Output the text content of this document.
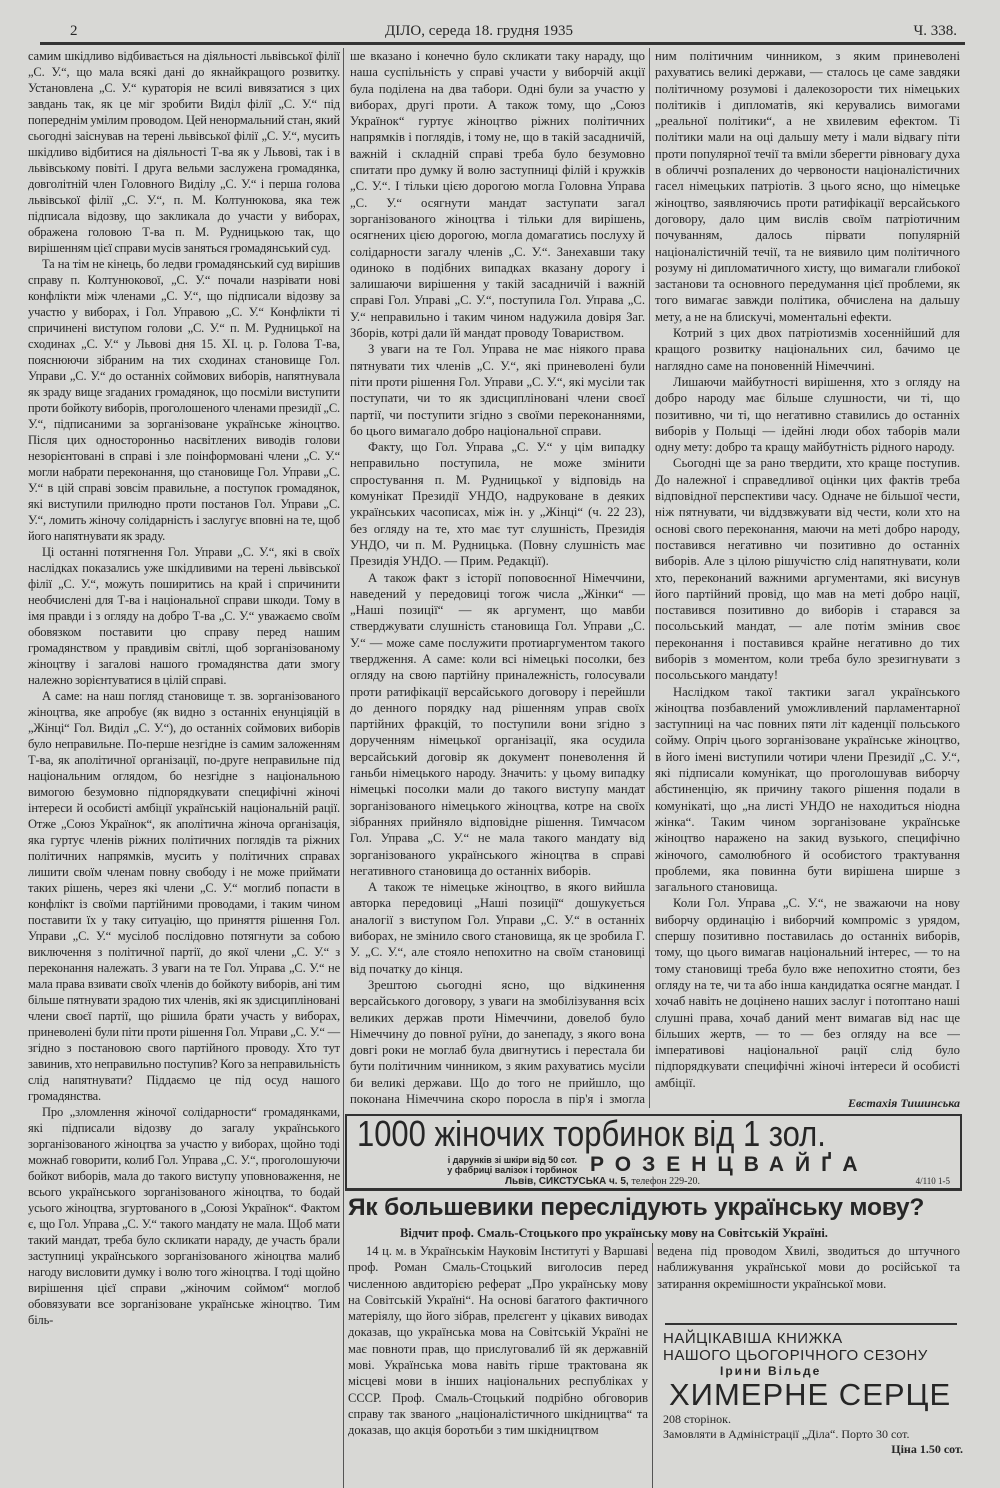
2	ДІЛО, середа 18. грудня 1935	Ч. 338.

самим шкідливо відбивається на діяльності львівської філії „С. У.“, що мала всякі дані до якнайкращого розвитку. Установлена „С. У.“ кураторія не всилі вивязатися з цих завдань так, як це міг зробити Виділ філії „С. У.“ під попереднім умілим проводом. Цей ненормальний стан, який сьогодні заіснував на терені львівської філії „С. У.“, мусить шкідливо відбитися на діяльності Т-ва як у Львові, так і в львівському повіті. І друга вельми заслужена громадянка, довголітній член Головного Виділу „С. У.“ і перша голова львівської філії „С. У.“, п. М. Колтунюкова, яка теж підписала відозву, що закликала до участи у виборах, ображена головою Т-ва п. М. Рудницькою так, що вирішенням цієї справи мусів заняться громадянський суд.

Та на тім не кінець, бо ледви громадянський суд вирішив справу п. Колтунюкової, „С. У.“ почали назрівати нові конфлікти між членами „С. У.“, що підписали відозву за участю у виборах, і Гол. Управою „С. У.“ Конфлікти ті спричинені виступом голови „С. У.“ п. М. Рудницької на сходинах „С. У.“ у Львові дня 15. XI. ц. р. Голова Т-ва, пояснюючи зібраним на тих сходинах становище Гол. Управи „С. У.“ до останніх соймових виборів, напятнувала як зраду вище згаданих громадянок, що посміли виступити проти бойкоту виборів, проголошеного членами президії „С. У.“, підписаними за зорганізоване українське жіноцтво. Після цих односторонньо насвітлених виводів голови незорієнтовані в справі і зле поінформовані члени „С. У.“ могли набрати переконання, що становище Гол. Управи „С. У.“ в цій справі зовсім правильне, а поступок громадянок, які виступили прилюдно проти постанов Гол. Управи „С. У.“, ломить жіночу солідарність і заслугує вповні на те, щоб його напятнувати як зраду.

Ці останні потягнення Гол. Управи „С. У.“, які в своїх наслідках показались уже шкідливими на терені львівської філії „С. У.“, можуть поширитись на край і спричинити необчислені для Т-ва і національної справи шкоди. Тому в імя правди і з огляду на добро Т-ва „С. У.“ уважаємо своїм обовязком поставити цю справу перед нашим громадянством у правдивім світлі, щоб зорганізованому жіноцтву і загалові нашого громадянства дати змогу належно зорієнтуватися в цілій справі.

А саме: на наш погляд становище т. зв. зорганізованого жіноцтва, яке апробує (як видно з останніх енунціяцій в „Жінці“ Гол. Виділ „С. У.“), до останніх соймових виборів було неправильне. По-перше незгідне із самим заложенням Т-ва, як аполітичної організації, по-друге неправильне під національним оглядом, бо незгідне з національною вимогою безумовно підпорядкувати специфічні жіночі інтереси й особисті амбіції українській національній рації. Отже „Союз Українок“, як аполітична жіноча організація, яка гуртує членів ріжних політичних поглядів та ріжних політичних напрямків, мусить у політичних справах лишити своїм членам повну свободу і не може приймати таких рішень, через які члени „С. У.“ моглиб попасти в конфлікт із своїми партійними проводами, і таким чином поставити їх у таку ситуацію, що приняття рішення Гол. Управи „С. У.“ мусілоб послідовно потягнути за собою виключення з політичної партії, до якої члени „С. У.“ з переконання належать. З уваги на те Гол. Управа „С. У.“ не мала права взивати своїх членів до бойкоту виборів, ані тим більше пятнувати зрадою тих членів, які як здисципліновані члени своєї партії, що рішила брати участь у виборах, приневолені були піти проти рішення Гол. Управи „С. У.“ — згідно з постановою свого партійного проводу. Хто тут завинив, хто неправильно поступив? Кого за неправильність слід напятнувати? Піддаємо це під осуд нашого громадянства.

Про „зломлення жіночої солідарности“ громадянками, які підписали відозву до загалу українського зорганізованого жіноцтва за участю у виборах, щойно тоді можнаб говорити, колиб Гол. Управа „С. У.“, проголошуючи бойкот виборів, мала до такого виступу уповноваження, не всього українського зорганізованого жіноцтва, то бодай усього жіноцтва, згуртованого в „Союзі Українок“. Фактом є, що Гол. Управа „С. У.“ такого мандату не мала. Щоб мати такий мандат, треба було скликати нараду, де участь брали заступниці українського зорганізованого жіноцтва малиб нагоду висловити думку і волю того жіноцтва. І тоді щойно вирішення цієї справи „жіночим соймом“ моглоб обовязувати все зорганізоване українське жіноцтво. Тим біль-

ше вказано і конечно було скликати таку нараду, що наша суспільність у справі участи у виборчій акції була поділена на два табори. Одні були за участю у виборах, другі проти. А також тому, що „Союз Українок“ гуртує жіноцтво ріжних політичних напрямків і поглядів, і тому не, що в такій засадничій, важній і складній справі треба було безумовно спитати про думку й волю заступниці філій і кружків „С. У.“. І тільки цією дорогою могла Головна Управа „С. У.“ осягнути мандат заступати загал зорганізованого жіноцтва і тільки для вирішень, осягнених цією дорогою, могла домагатись послуху й солідарности загалу членів „С. У.“. Занехавши таку одиноко в подібних випадках вказану дорогу і залишаючи вирішення у такій засадничій і важній справі Гол. Управі „С. У.“, поступила Гол. Управа „С. У.“ неправильно і таким чином надужила довіря Заг. Зборів, котрі дали їй мандат проводу Товариством.

З уваги на те Гол. Управа не має ніякого права пятнувати тих членів „С. У.“, які приневолені були піти проти рішення Гол. Управи „С. У.“, які мусіли так поступати, чи то як здисципліновані члени своєї партії, чи поступити згідно з своїми переконаннями, бо цього вимагало добро національної справи.

Факту, що Гол. Управа „С. У.“ у цім випадку неправильно поступила, не може змінити спростування п. М. Рудницької у відповідь на комунікат Президії УНДО, надруковане в деяких українських часописах, між ін. у „Жінці“ (ч. 22 23), без огляду на те, хто має тут слушність, Президія УНДО, чи п. М. Рудницька. (Повну слушність має Президія УНДО. — Прим. Редакції).

А також факт з історії поповоєнної Німеччини, наведений у передовиці тогож числа „Жінки“ — „Наші позиції“ — як аргумент, що мавби стверджувати слушність становища Гол. Управи „С. У.“ — може саме послужити протиаргументом такого твердження. А саме: коли всі німецькі посолки, без огляду на свою партійну приналежність, голосували проти ратифікації версайського договору і перейшли до денного порядку над рішенням управ своїх партійних фракцій, то поступили вони згідно з дорученням німецької організації, яка осудила версайський договір як документ поневолення й ганьби німецького народу. Значить: у цьому випадку німецькі посолки мали до такого виступу мандат зорганізованого німецького жіноцтва, котре на своїх зібраннях прийняло відповідне рішення. Тимчасом Гол. Управа „С. У.“ не мала такого мандату від зорганізованого українського жіноцтва в справі негативного становища до останніх виборів.

А також те німецьке жіноцтво, в якого вийшла авторка передовиці „Наші позиції“ дошукується аналогії з виступом Гол. Управи „С. У.“ в останніх виборах, не змінило свого становища, як це зробила Г. У. „С. У.“, але стояло непохитно на своїм становищі від початку до кінця.

Зрештою сьогодні ясно, що відкинення версайського договору, з уваги на змобілізування всіх великих держав проти Німеччини, довелоб було Німеччину до повної руїни, до занепаду, з якого вона довгі роки не моглаб була двигнутись і перестала би бути політичним чинником, з яким рахуватись мусіли би великі держави. Що до того не прийшло, що поконана Німеччина скоро поросла в пір'я і змогла

ним політичним чинником, з яким приневолені рахуватись великі держави, — сталось це саме завдяки політичному розумові і далекозорости тих німецьких політиків і дипломатів, які керувались вимогами „реальної політики“, а не хвилевим ефектом. Ті політики мали на оці дальшу мету і мали відвагу піти проти популярної течії та вміли зберегти рівновагу духа в обличчі розпалених до червоности націоналістичних гасел німецьких патріотів. З цього ясно, що німецьке жіноцтво, заявляючись проти ратифікації версайського договору, дало цим вислів своїм патріотичним почуванням, далось пірвати популярній націоналістичній течії, та не виявило цим політичного розуму ні дипломатичного хисту, що вимагали глибокої застанови та основного передумання цієї проблеми, як того вимагає завжди політика, обчислена на дальшу мету, а не на блискучі, моментальні ефекти.

Котрий з цих двох патріотизмів хосеннійший для кращого розвитку національних сил, бачимо це наглядно саме на поновенній Німеччині.

Лишаючи майбутності вирішення, хто з огляду на добро народу має більше слушности, чи ті, що позитивно, чи ті, що негативно ставились до останніх виборів у Польщі — ідейні люди обох таборів мали одну мету: добро та кращу майбутність рідного народу.

Сьогодні ще за рано твердити, хто краще поступив. До належної і справедливої оцінки цих фактів треба відповідної перспективи часу. Одначе не більшої чести, ніж пятнувати, чи віддзвжувати від чести, коли хто на основі свого переконання, маючи на меті добро народу, поставився негативно чи позитивно до останніх виборів. Але з цілою рішучістю слід напятнувати, коли хто, переконаний важними аргументами, які висунув його партійний провід, що мав на меті добро нації, поставився позитивно до виборів і старався за посольський мандат, — але потім змінив своє переконання і поставився крайне негативно до тих виборів з моментом, коли треба було зрезигнувати з посольського мандату!

Наслідком такої тактики загал українського жіноцтва позбавлений уможливлений парламентарної заступниці на час повних пяти літ каденції польського сойму. Опріч цього зорганізоване українське жіноцтво, в його імені виступили чотири члени Президії „С. У.“, які підписали комунікат, що проголошував виборчу абстиненцію, як причину такого рішення подали в комунікаті, що „на листі УНДО не находиться ніодна жінка“. Таким чином зорганізоване українське жіноцтво наражено на закид вузького, специфічно жіночого, самолюбного й особистого трактування проблеми, яка повинна бути вирішена ширше з загального становища.

Коли Гол. Управа „С. У.“, не зважаючи на нову виборчу ординацію і виборчий компроміс з урядом, спершу позитивно поставилась до останніх виборів, тому, що цього вимагав національний інтерес, — то на тому становищі треба було вже непохитно стояти, без огляду на те, чи та або інша кандидатка осягне мандат. І хочаб навіть не доцінено наших заслуг і потоптано наші слушні права, хочаб даний мент вимагав від нас ще більших жертв, — то — без огляду на все — імперативові національної рації слід було підпорядкувати специфічні жіночі інтереси й особисті амбіції.

Евстахія Тишинська
1000 жіночих торбинок від 1 зол.
і дарунків зі шкіри від 50 сот.
у фабриці валізок і торбинок РОЗЕНЦВАЙҐА
Львів, СИКСТУСЬКА ч. 5, телефон 229-20.	4/110 1-5
Як большевики переслідують українську мову?
Відчит проф. Смаль-Стоцького про українську мову на Совітській Україні.

14 ц. м. в Українськім Науковім Інституті у Варшаві проф. Роман Смаль-Стоцький виголосив перед численною авдиторією реферат „Про українську мову на Совітській Україні“. На основі багатого фактичного матеріялу, що його зібрав, прелєгент у цікавих виводах доказав, що українська мова на Совітській Україні не має повноти прав, що прислуговалиб їй як державній мові. Українська мова навіть гірше трактована як місцеві мови в інших національних республіках у СССР. Проф. Смаль-Стоцький подрібно обговорив справу так званого „націоналістичного шкідництва“ та доказав, що акція боротьби з тим шкідництвом

ведена під проводом Хвилі, зводиться до штучного наближування української мови до російської та затирання окремішности української мови.

НАЙЦІКАВІША КНИЖКА
НАШОГО ЦЬОГОРІЧНОГО СЕЗОНУ
Ірини Вільде
ХИМЕРНЕ СЕРЦЕ
208 сторінок.
Замовляти в Адміністрації „Діла“. Порто 30 сот.
Ціна 1.50 сот.
